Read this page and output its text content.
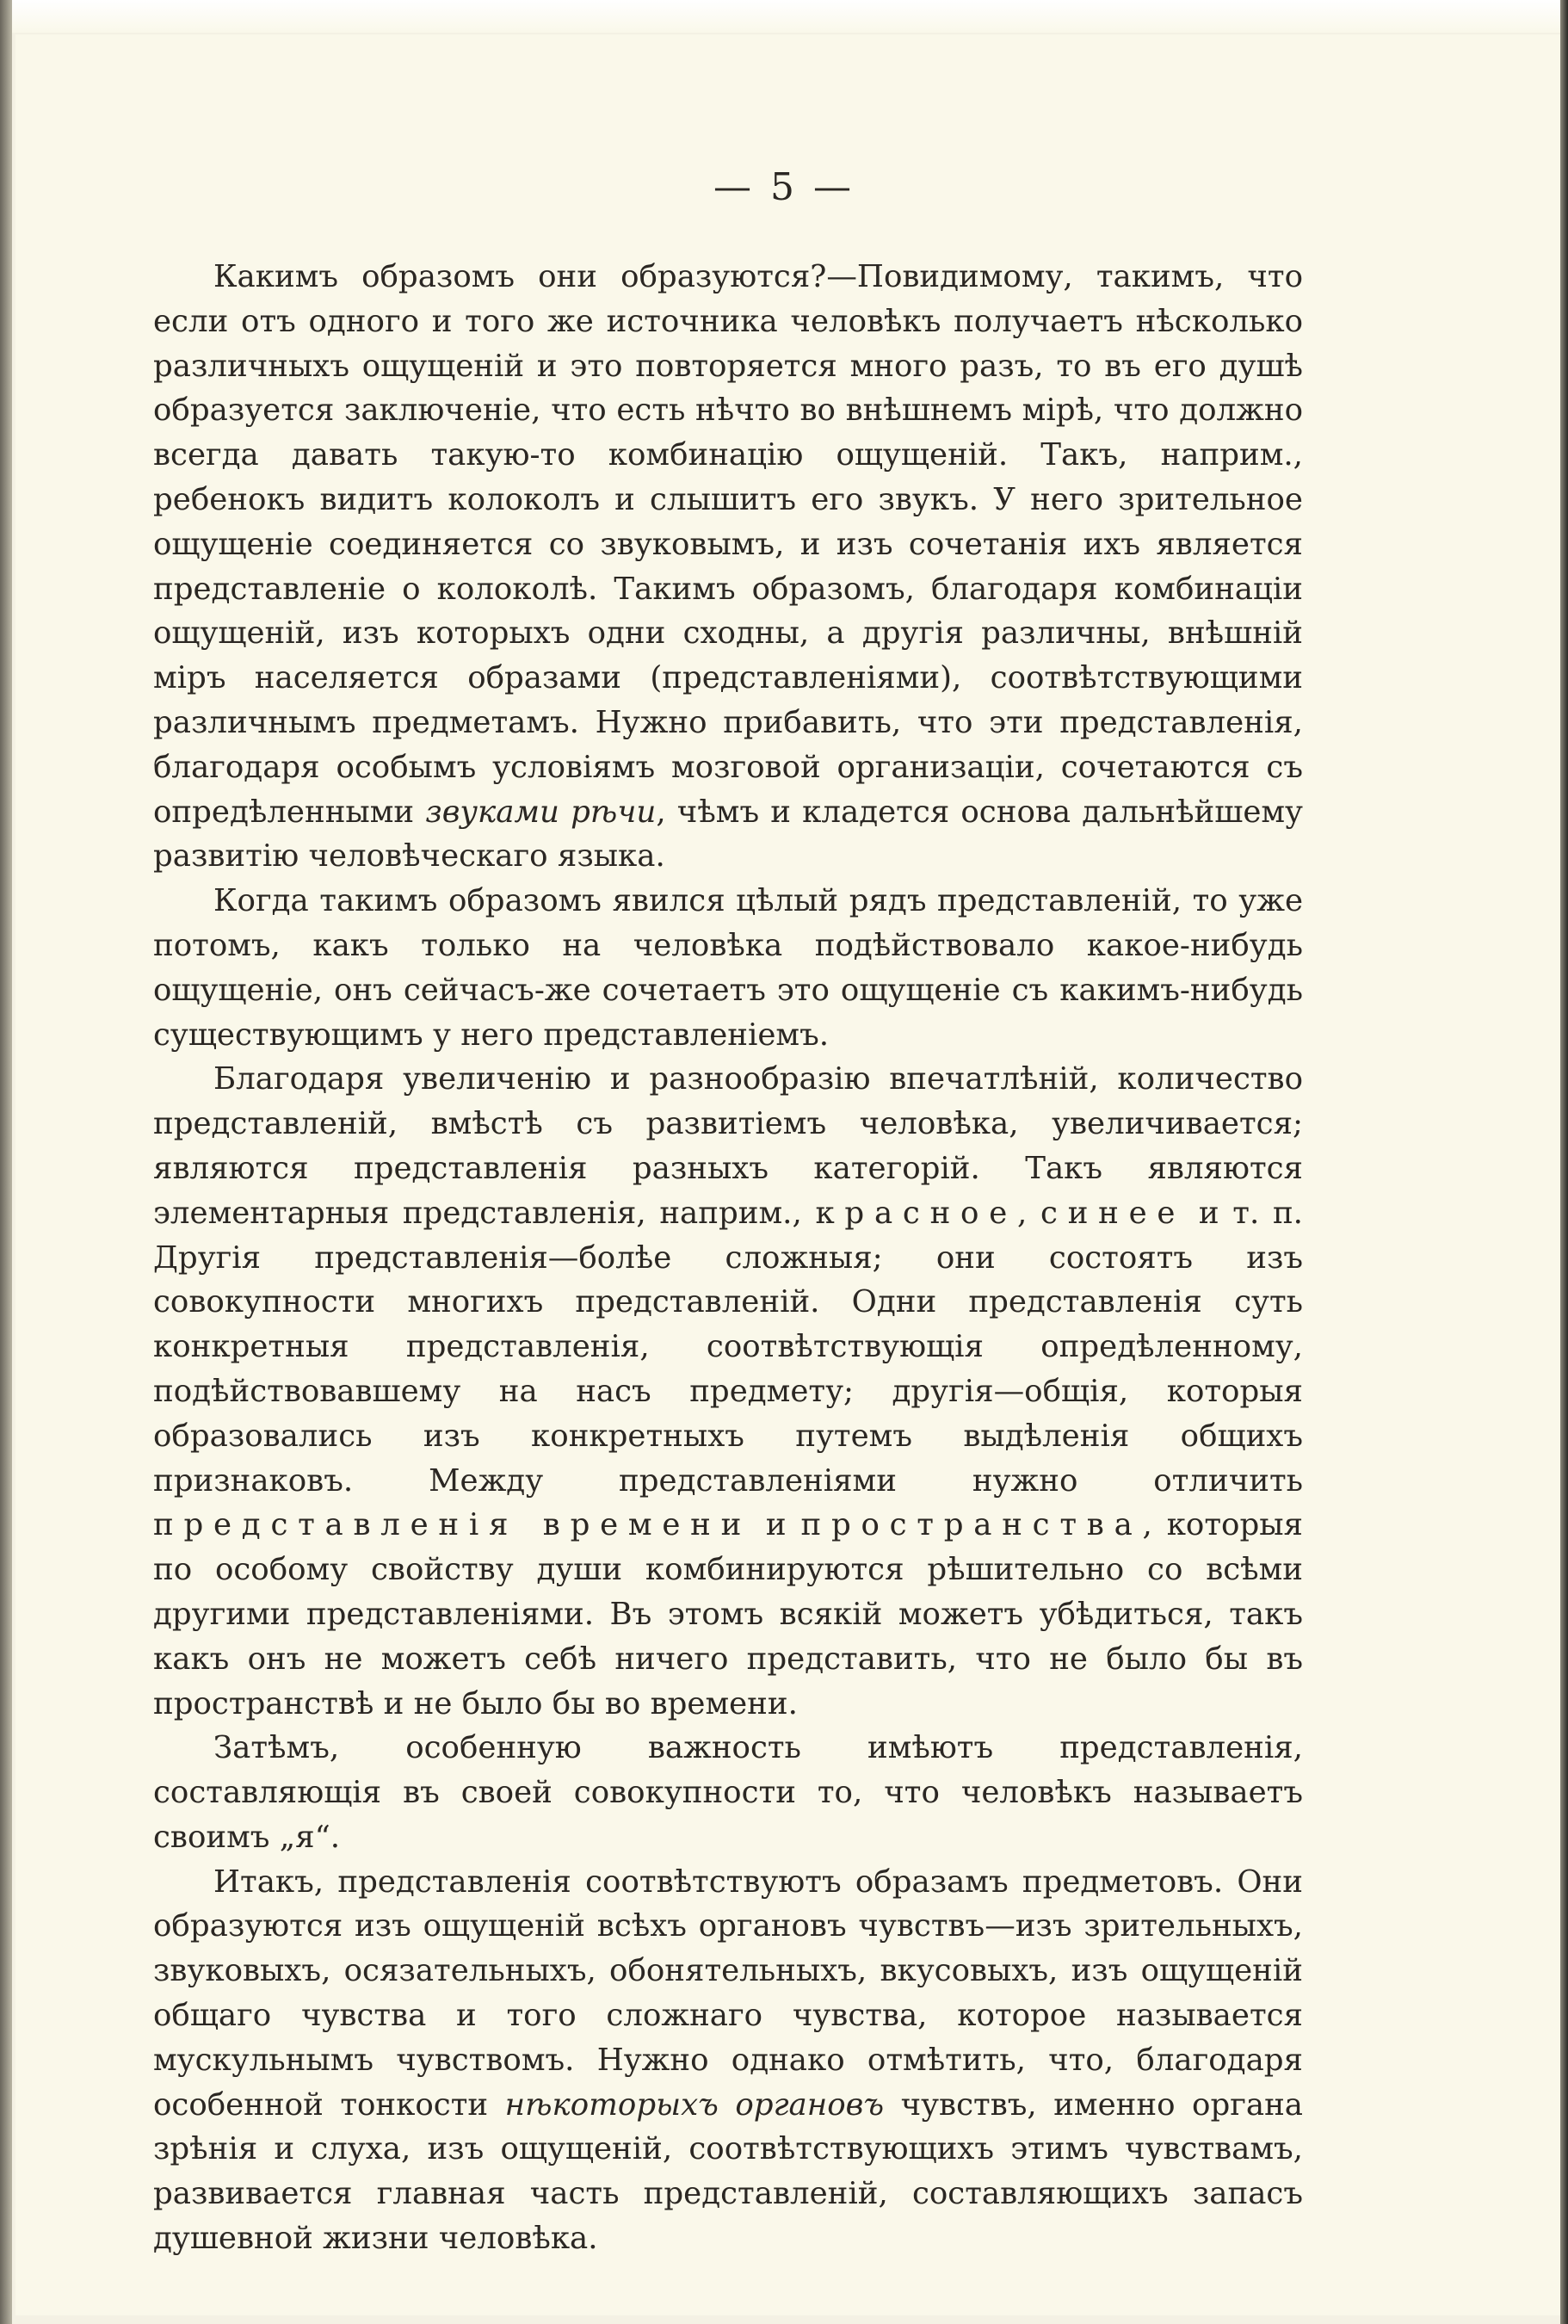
— 5 —

Какимъ образомъ они образуются?—Повидимому, такимъ, что если отъ одного и того же источника человѣкъ получаетъ нѣсколько различныхъ ощущеній и это повторяется много разъ, то въ его душѣ образуется заключеніе, что есть нѣчто во внѣшнемъ мірѣ, что должно всегда давать такую-то комбинацію ощущеній. Такъ, наприм., ребенокъ видитъ колоколъ и слышитъ его звукъ. У него зрительное ощущеніе соединяется со звуковымъ, и изъ сочетанія ихъ является представленіе о колоколѣ. Такимъ образомъ, благодаря комбинаціи ощущеній, изъ которыхъ одни сходны, а другія различны, внѣшній міръ населяется образами (представленіями), соотвѣтствующими различнымъ предметамъ. Нужно прибавить, что эти представленія, благодаря особымъ условіямъ мозговой организаціи, сочетаются съ опредѣленными звуками рѣчи, чѣмъ и кладется основа дальнѣйшему развитію человѣческаго языка.

Когда такимъ образомъ явился цѣлый рядъ представленій, то уже потомъ, какъ только на человѣка подѣйствовало какое-нибудь ощущеніе, онъ сейчасъ-же сочетаетъ это ощущеніе съ какимъ-нибудь существующимъ у него представленіемъ.

Благодаря увеличенію и разнообразію впечатлѣній, количество представленій, вмѣстѣ съ развитіемъ человѣка, увеличивается; являются представленія разныхъ категорій. Такъ являются элементарныя представленія, наприм., красное, синее и т. п. Другія представленія—болѣе сложныя; они состоятъ изъ совокупности многихъ представленій. Одни представленія суть конкретныя представленія, соотвѣтствующія опредѣленному, подѣйствовавшему на насъ предмету; другія—общія, которыя образовались изъ конкретныхъ путемъ выдѣленія общихъ признаковъ. Между представленіями нужно отличить представленія времени и пространства, которыя по особому свойству души комбинируются рѣшительно со всѣми другими представленіями. Въ этомъ всякій можетъ убѣдиться, такъ какъ онъ не можетъ себѣ ничего представить, что не было бы въ пространствѣ и не было бы во времени.

Затѣмъ, особенную важность имѣютъ представленія, составляющія въ своей совокупности то, что человѣкъ называетъ своимъ „я“.

Итакъ, представленія соотвѣтствуютъ образамъ предметовъ. Они образуются изъ ощущеній всѣхъ органовъ чувствъ—изъ зрительныхъ, звуковыхъ, осязательныхъ, обонятельныхъ, вкусовыхъ, изъ ощущеній общаго чувства и того сложнаго чувства, которое называется мускульнымъ чувствомъ. Нужно однако отмѣтить, что, благодаря особенной тонкости нѣкоторыхъ органовъ чувствъ, именно органа зрѣнія и слуха, изъ ощущеній, соотвѣтствующихъ этимъ чувствамъ, развивается главная часть представленій, составляющихъ запасъ душевной жизни человѣка.
